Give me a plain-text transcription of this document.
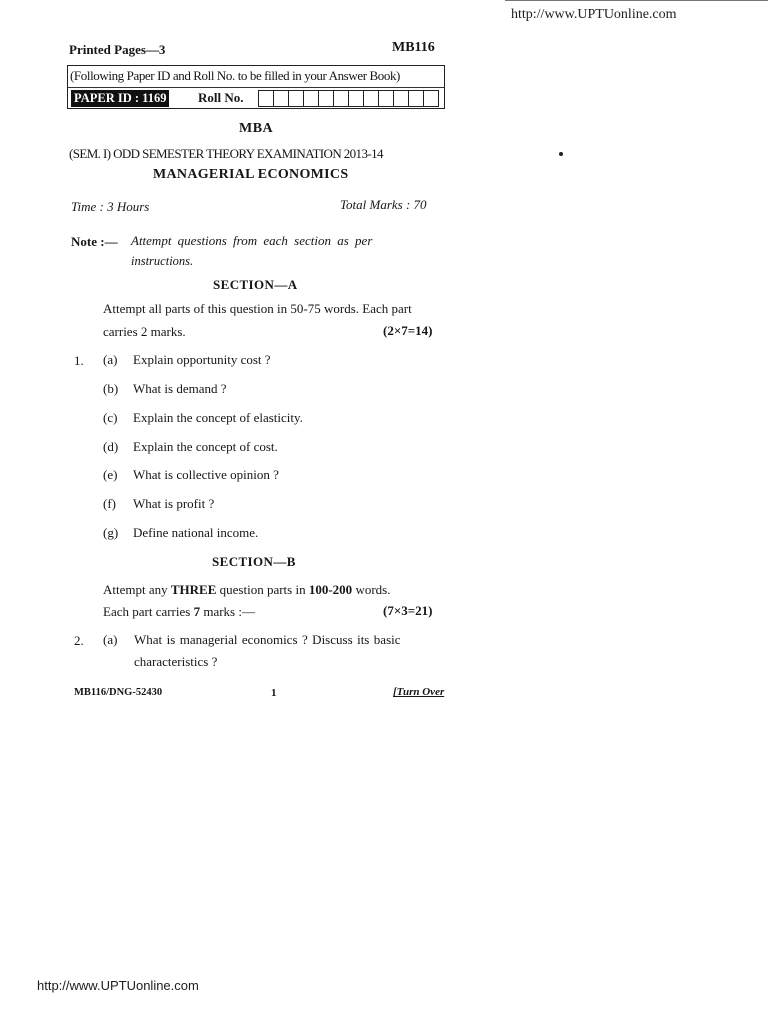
http://www.UPTUonline.com
http://www.UPTUonline.com
Printed Pages—3	MB116
(Following Paper ID and Roll No. to be filled in your Answer Book)
PAPER ID : 1169 Roll No.
MBA
(SEM. I) ODD SEMESTER THEORY EXAMINATION 2013-14
MANAGERIAL ECONOMICS
Time : 3 Hours	Total Marks : 70
Note :— Attempt questions from each section as per
instructions.
SECTION—A
Attempt all parts of this question in 50-75 words. Each part
carries 2 marks.	(2×7=14)
1. (a) Explain opportunity cost ?
(b) What is demand ?
(c) Explain the concept of elasticity.
(d) Explain the concept of cost.
(e) What is collective opinion ?
(f) What is profit ?
(g) Define national income.
SECTION—B
Attempt any THREE question parts in 100-200 words.
Each part carries 7 marks :—	(7×3=21)
2. (a) What is managerial economics ? Discuss its basic
characteristics ?
MB116/DNG-52430	1	[Turn Over
